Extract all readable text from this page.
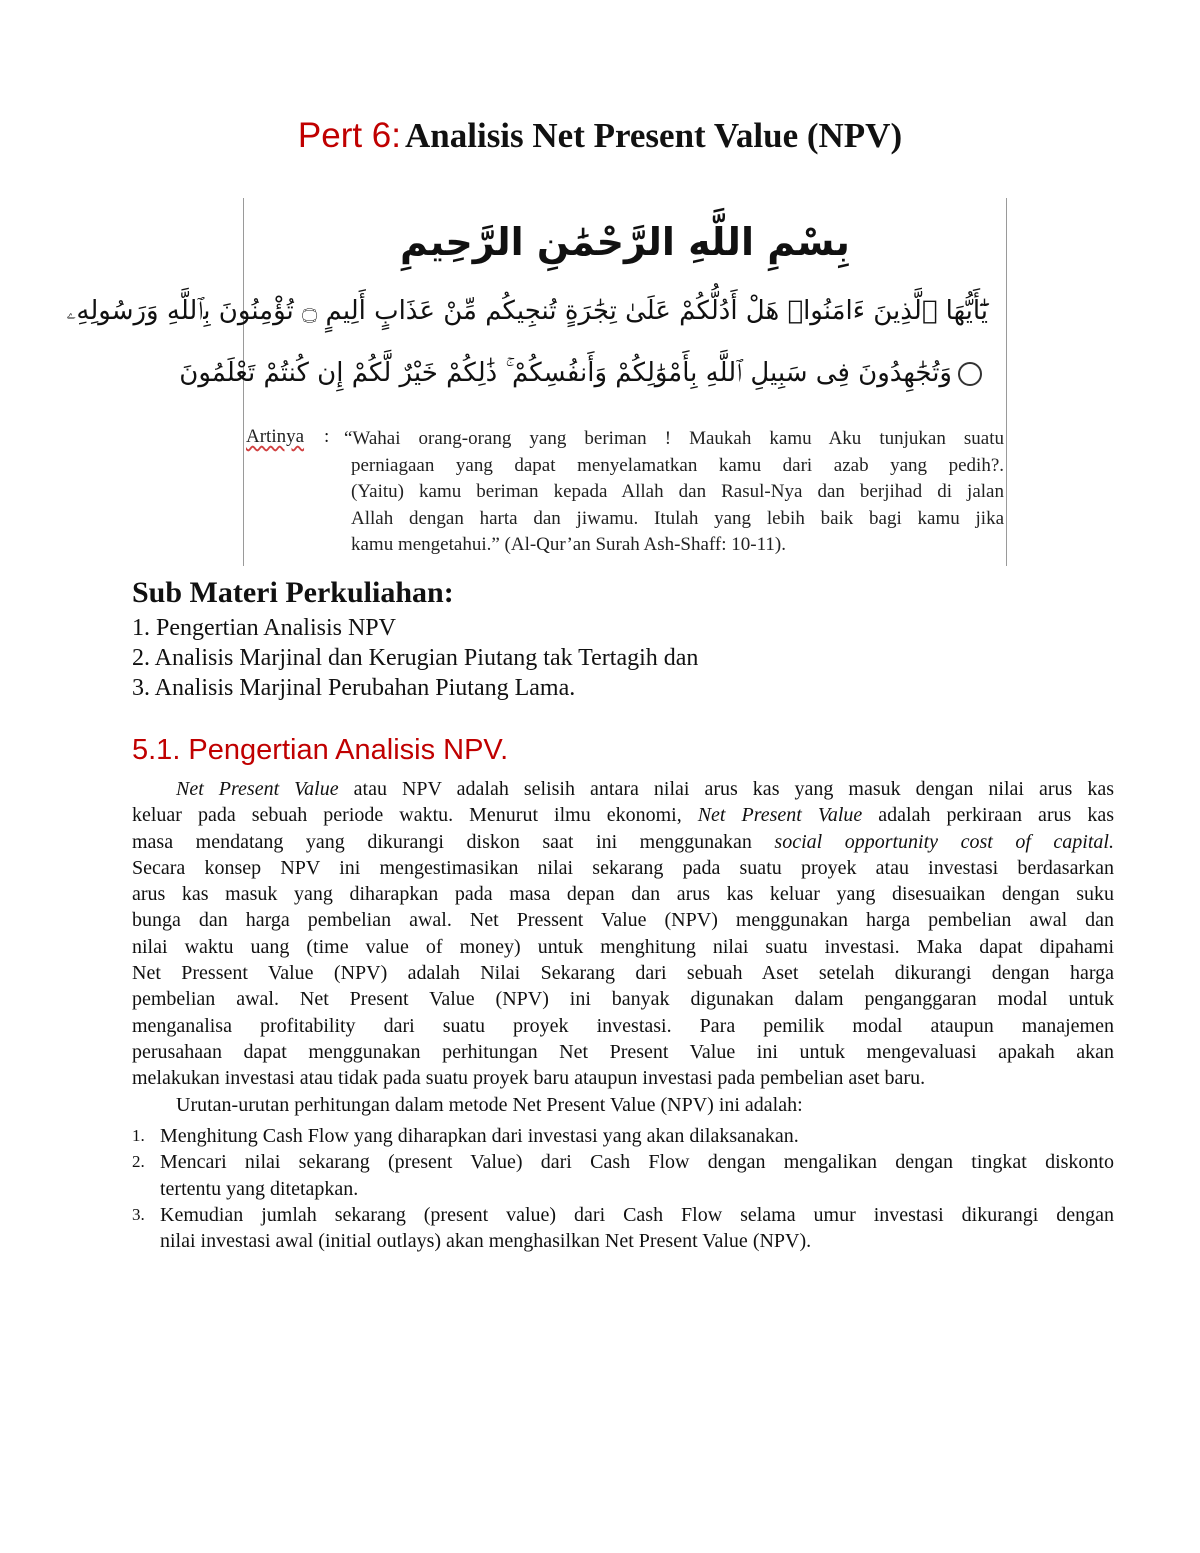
Pert 6: Analisis Net Present Value (NPV)
بِسْمِ اللَّهِ الرَّحْمَٰنِ الرَّحِيمِ
يَٰٓأَيُّهَا ٱلَّذِينَ ءَامَنُوا۟ هَلْ أَدُلُّكُمْ عَلَىٰ تِجَٰرَةٍ تُنجِيكُم مِّنْ عَذَابٍ أَلِيمٍ ۝ تُؤْمِنُونَ بِٱللَّهِ وَرَسُولِهِۦ
وَتُجَٰهِدُونَ فِى سَبِيلِ ٱللَّهِ بِأَمْوَٰلِكُمْ وَأَنفُسِكُمْ ۚ ذَٰلِكُمْ خَيْرٌ لَّكُمْ إِن كُنتُمْ تَعْلَمُونَ
Artinya : “Wahai orang-orang yang beriman ! Maukah kamu Aku tunjukan suatu
perniagaan yang dapat menyelamatkan kamu dari azab yang pedih?.
(Yaitu) kamu beriman kepada Allah dan Rasul-Nya dan berjihad di jalan
Allah dengan harta dan jiwamu. Itulah yang lebih baik bagi kamu jika
kamu mengetahui.” (Al-Qur’an Surah Ash-Shaff: 10-11).
Sub Materi Perkuliahan:
1. Pengertian Analisis NPV
2. Analisis Marjinal dan Kerugian Piutang tak Tertagih dan
3. Analisis Marjinal Perubahan Piutang Lama.
5.1. Pengertian Analisis NPV.
Net Present Value atau NPV adalah selisih antara nilai arus kas yang masuk dengan nilai arus kas
keluar pada sebuah periode waktu. Menurut ilmu ekonomi, Net Present Value adalah perkiraan arus kas
masa mendatang yang dikurangi diskon saat ini menggunakan social opportunity cost of capital.
Secara konsep NPV ini mengestimasikan nilai sekarang pada suatu proyek atau investasi berdasarkan
arus kas masuk yang diharapkan pada masa depan dan arus kas keluar yang disesuaikan dengan suku
bunga dan harga pembelian awal. Net Pressent Value (NPV) menggunakan harga pembelian awal dan
nilai waktu uang (time value of money) untuk menghitung nilai suatu investasi. Maka dapat dipahami
Net Pressent Value (NPV) adalah Nilai Sekarang dari sebuah Aset setelah dikurangi dengan harga
pembelian awal. Net Present Value (NPV) ini banyak digunakan dalam penganggaran modal untuk
menganalisa profitability dari suatu proyek investasi. Para pemilik modal ataupun manajemen
perusahaan dapat menggunakan perhitungan Net Present Value ini untuk mengevaluasi apakah akan
melakukan investasi atau tidak pada suatu proyek baru ataupun investasi pada pembelian aset baru.
Urutan-urutan perhitungan dalam metode Net Present Value (NPV) ini adalah:
1. Menghitung Cash Flow yang diharapkan dari investasi yang akan dilaksanakan.
2. Mencari nilai sekarang (present Value) dari Cash Flow dengan mengalikan dengan tingkat diskonto
tertentu yang ditetapkan.
3. Kemudian jumlah sekarang (present value) dari Cash Flow selama umur investasi dikurangi dengan
nilai investasi awal (initial outlays) akan menghasilkan Net Present Value (NPV).
